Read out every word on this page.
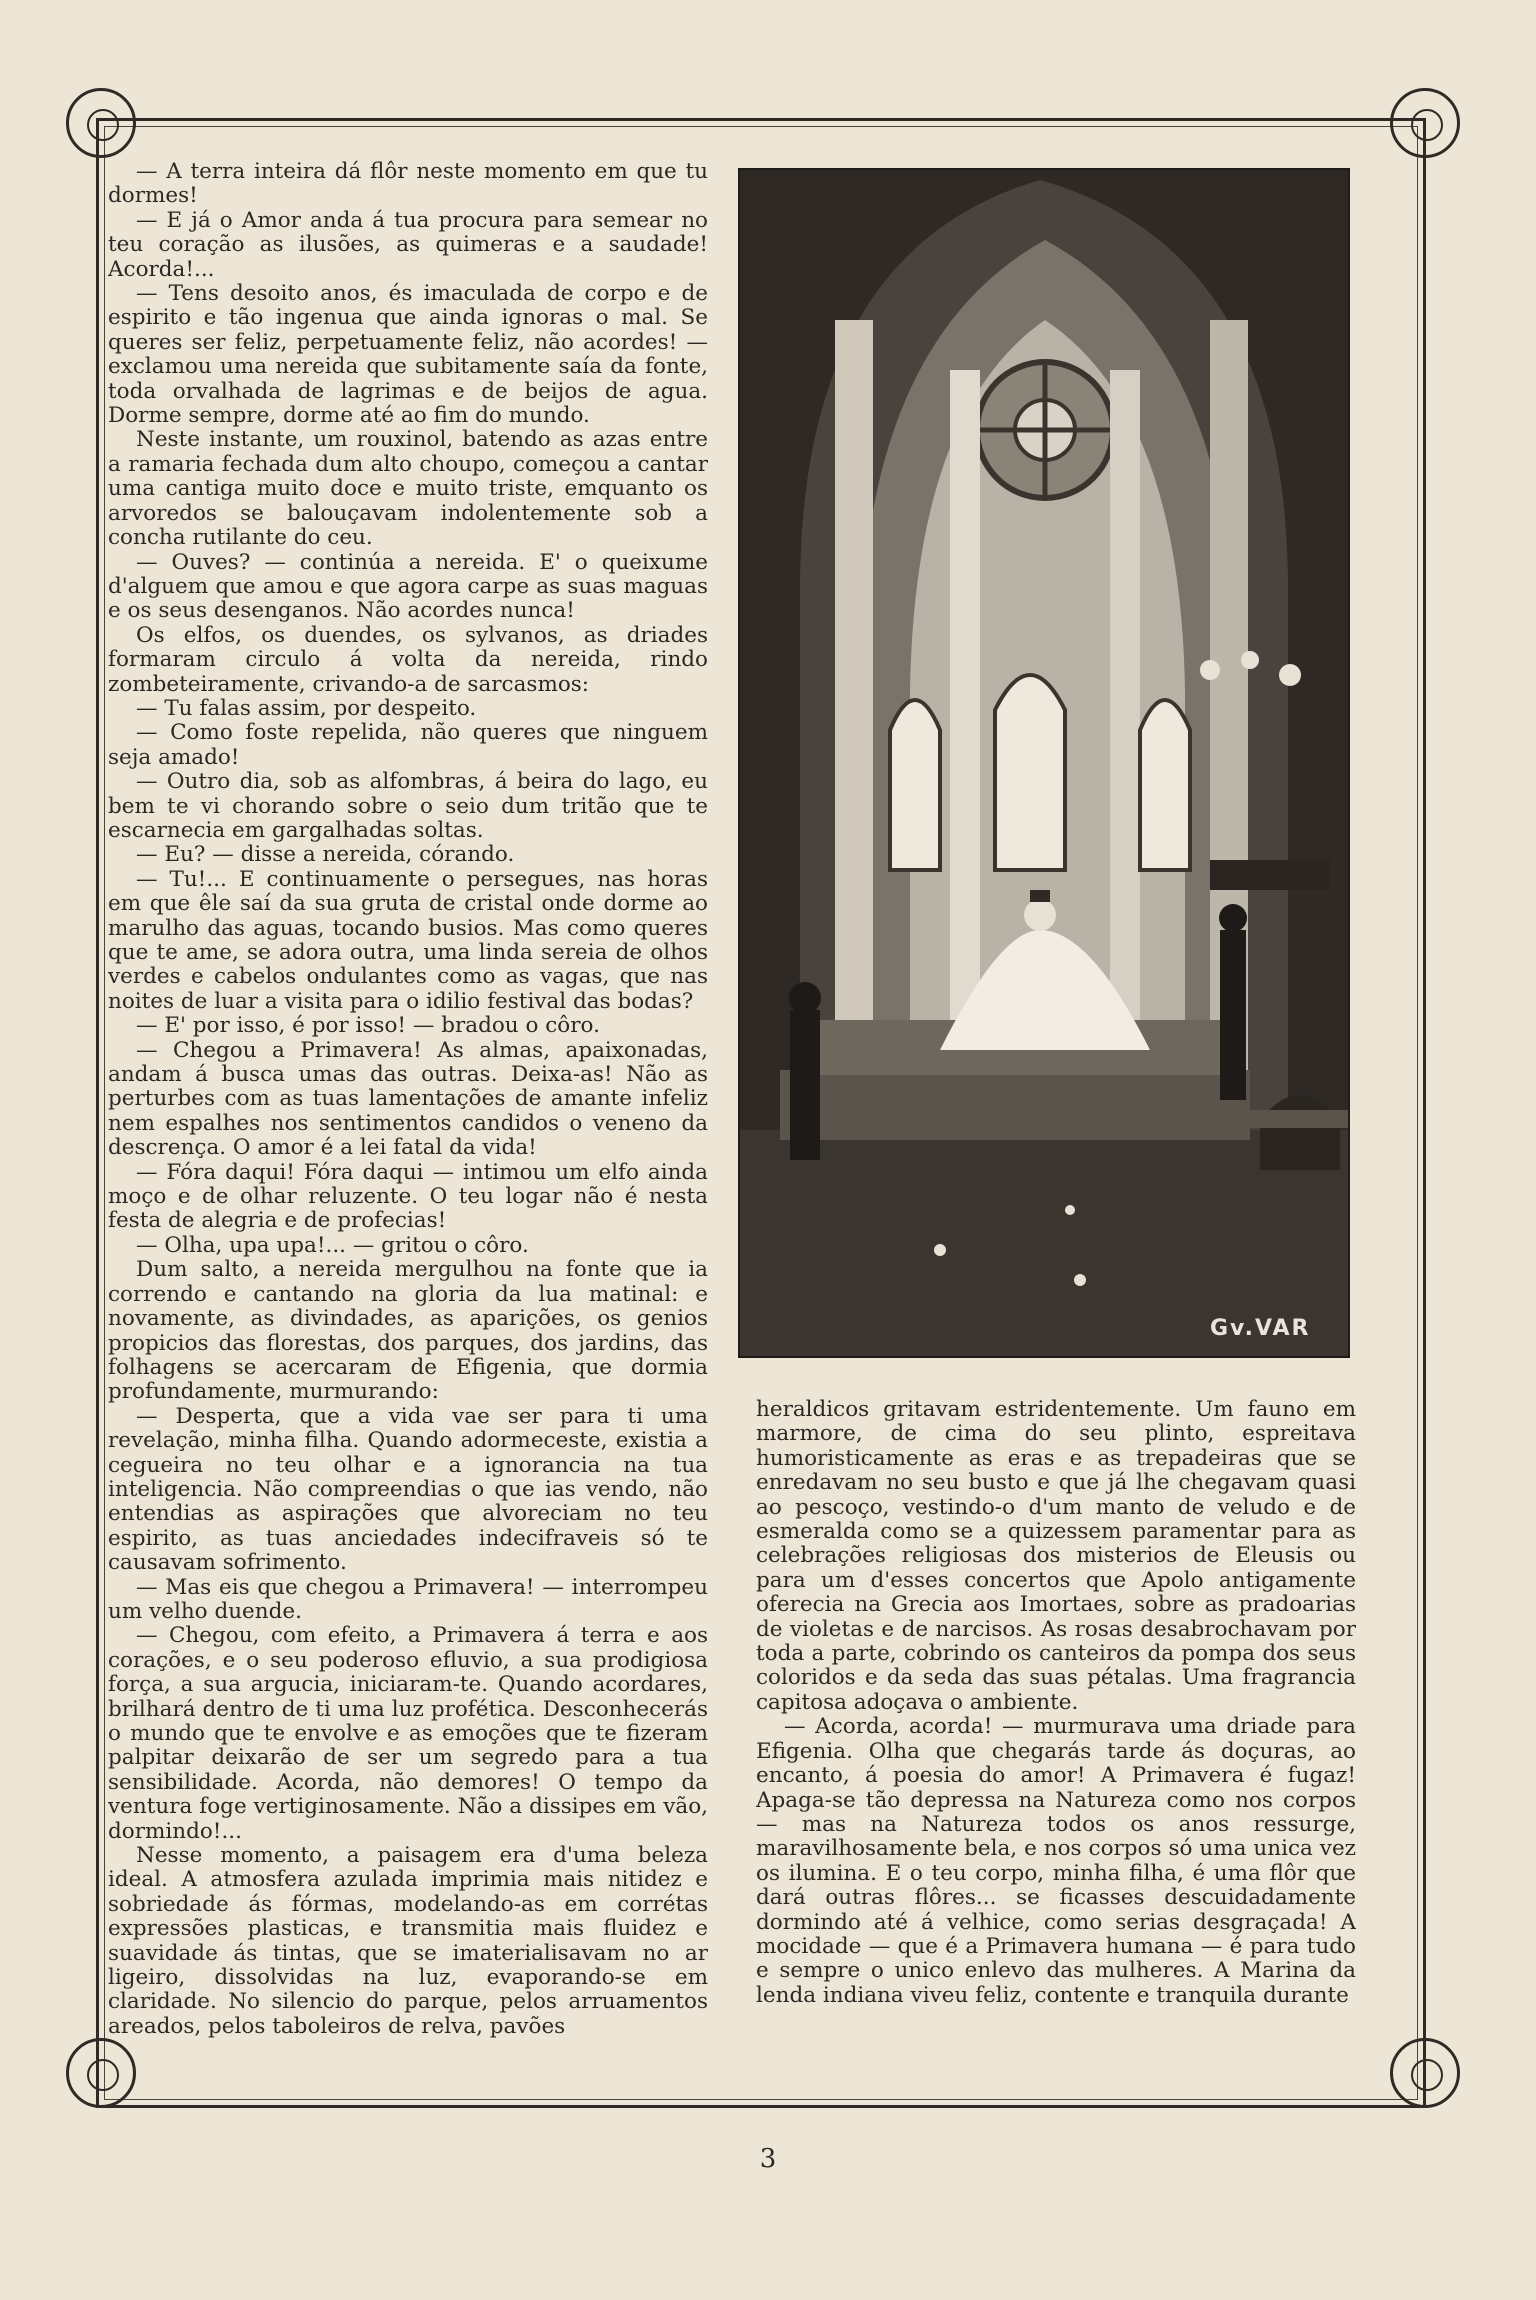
— A terra inteira dá flôr neste momento em que tu dormes!

— E já o Amor anda á tua procura para semear no teu coração as ilusões, as quimeras e a saudade! Acorda!...

— Tens desoito anos, és imaculada de corpo e de espirito e tão ingenua que ainda ignoras o mal. Se queres ser feliz, perpetuamente feliz, não acordes! — exclamou uma nereida que subitamente saía da fonte, toda orvalhada de lagrimas e de beijos de agua. Dorme sempre, dorme até ao fim do mundo.

Neste instante, um rouxinol, batendo as azas entre a ramaria fechada dum alto choupo, começou a cantar uma cantiga muito doce e muito triste, emquanto os arvoredos se balouçavam indolentemente sob a concha rutilante do ceu.

— Ouves? — continúa a nereida. E' o queixume d'alguem que amou e que agora carpe as suas maguas e os seus desenganos. Não acordes nunca!

Os elfos, os duendes, os sylvanos, as driades formaram circulo á volta da nereida, rindo zombeteiramente, crivando-a de sarcasmos:

— Tu falas assim, por despeito.

— Como foste repelida, não queres que ninguem seja amado!

— Outro dia, sob as alfombras, á beira do lago, eu bem te vi chorando sobre o seio dum tritão que te escarnecia em gargalhadas soltas.

— Eu? — disse a nereida, córando.

— Tu!... E continuamente o persegues, nas horas em que êle saí da sua gruta de cristal onde dorme ao marulho das aguas, tocando busios. Mas como queres que te ame, se adora outra, uma linda sereia de olhos verdes e cabelos ondulantes como as vagas, que nas noites de luar a visita para o idilio festival das bodas?

— E' por isso, é por isso! — bradou o côro.

— Chegou a Primavera! As almas, apaixonadas, andam á busca umas das outras. Deixa-as! Não as perturbes com as tuas lamentações de amante infeliz nem espalhes nos sentimentos candidos o veneno da descrença. O amor é a lei fatal da vida!

— Fóra daqui! Fóra daqui — intimou um elfo ainda moço e de olhar reluzente. O teu logar não é nesta festa de alegria e de profecias!

— Olha, upa upa!... — gritou o côro.

Dum salto, a nereida mergulhou na fonte que ia correndo e cantando na gloria da lua matinal: e novamente, as divindades, as aparições, os genios propicios das florestas, dos parques, dos jardins, das folhagens se acercaram de Efigenia, que dormia profundamente, murmurando:

— Desperta, que a vida vae ser para ti uma revelação, minha filha. Quando adormeceste, existia a cegueira no teu olhar e a ignorancia na tua inteligencia. Não compreendias o que ias vendo, não entendias as aspirações que alvoreciam no teu espirito, as tuas anciedades indecifraveis só te causavam sofrimento.

— Mas eis que chegou a Primavera! — interrompeu um velho duende.

— Chegou, com efeito, a Primavera á terra e aos corações, e o seu poderoso efluvio, a sua prodigiosa força, a sua argucia, iniciaram-te. Quando acordares, brilhará dentro de ti uma luz profética. Desconhecerás o mundo que te envolve e as emoções que te fizeram palpitar deixarão de ser um segredo para a tua sensibilidade. Acorda, não demores! O tempo da ventura foge vertiginosamente. Não a dissipes em vão, dormindo!...

Nesse momento, a paisagem era d'uma beleza ideal. A atmosfera azulada imprimia mais nitidez e sobriedade ás fórmas, modelando-as em corrétas expressões plasticas, e transmitia mais fluidez e suavidade ás tintas, que se imaterialisavam no ar ligeiro, dissolvidas na luz, evaporando-se em claridade. No silencio do parque, pelos arruamentos areados, pelos taboleiros de relva, pavões

Gv.VAR

heraldicos gritavam estridentemente. Um fauno em marmore, de cima do seu plinto, espreitava humoristicamente as eras e as trepadeiras que se enredavam no seu busto e que já lhe chegavam quasi ao pescoço, vestindo-o d'um manto de veludo e de esmeralda como se a quizessem paramentar para as celebrações religiosas dos misterios de Eleusis ou para um d'esses concertos que Apolo antigamente oferecia na Grecia aos Imortaes, sobre as pradoarias de violetas e de narcisos. As rosas desabrochavam por toda a parte, cobrindo os canteiros da pompa dos seus coloridos e da seda das suas pétalas. Uma fragrancia capitosa adoçava o ambiente.

— Acorda, acorda! — murmurava uma driade para Efigenia. Olha que chegarás tarde ás doçuras, ao encanto, á poesia do amor! A Primavera é fugaz! Apaga-se tão depressa na Natureza como nos corpos — mas na Natureza todos os anos ressurge, maravilhosamente bela, e nos corpos só uma unica vez os ilumina. E o teu corpo, minha filha, é uma flôr que dará outras flôres... se ficasses descuidadamente dormindo até á velhice, como serias desgraçada! A mocidade — que é a Primavera humana — é para tudo e sempre o unico enlevo das mulheres. A Marina da lenda indiana viveu feliz, contente e tranquila durante

3
